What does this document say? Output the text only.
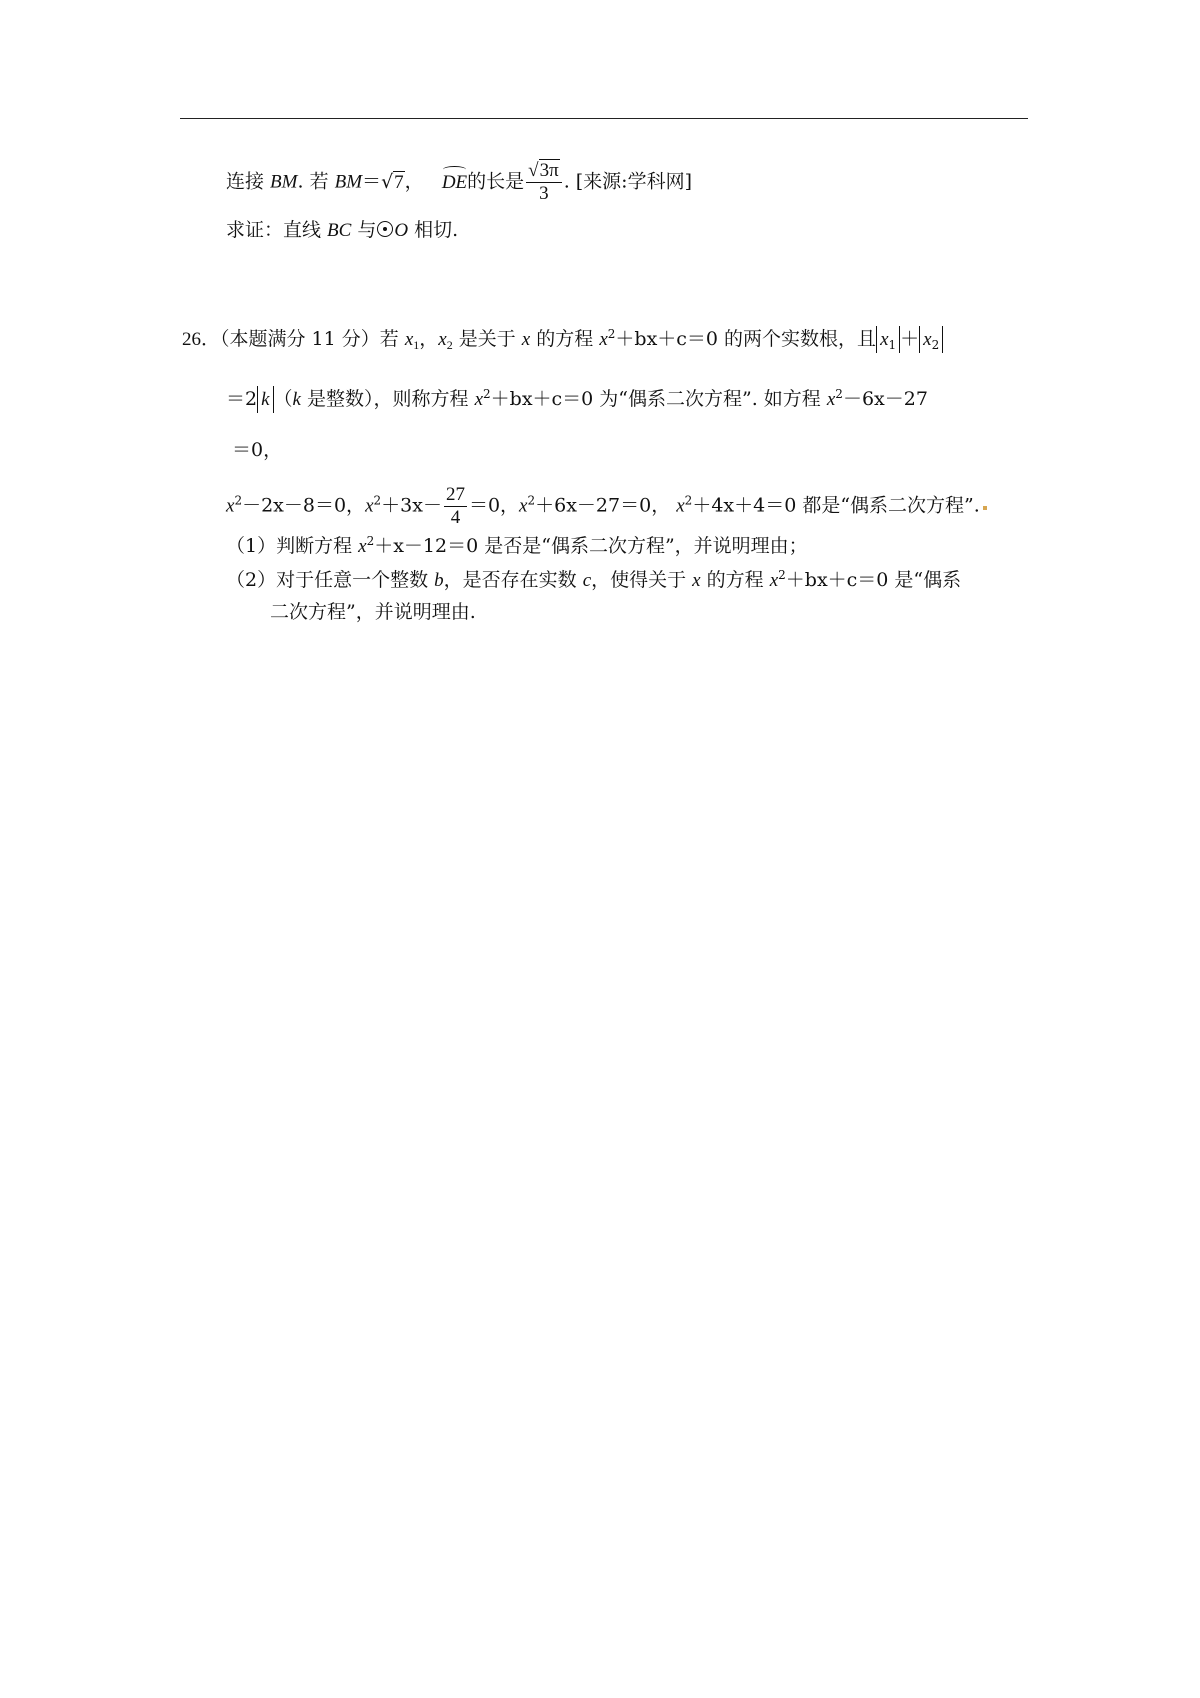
连接 BM. 若 BM＝√7， DE的长是 $\frac{√3\pi}{3}$ . [来源:学科网]
求证：直线 BC 与 O 相切.
26．（本题满分 11 分）若 $x_1$，$x_2$ 是关于 x 的方程 $x^2+bx+c=0$ 的两个实数根，且 $x_1 + x_2$
＝2 k （k 是整数），则称方程 $x^2+bx+c=0$ 为“偶系二次方程”. 如方程 $x^2-6x-27$
＝0，
$x^2-2x-8=0$，$x^2+3x- \frac{27}{4} =0$，$x^2+6x-27=0$， $x^2+4x+4=0$ 都是“偶系二次方程”.
（1）判断方程 $x^2+x-12=0$ 是否是“偶系二次方程”，并说明理由；
（2）对于任意一个整数 b，是否存在实数 c，使得关于 x 的方程 $x^2+bx+c=0$ 是“偶系
二次方程”，并说明理由.
